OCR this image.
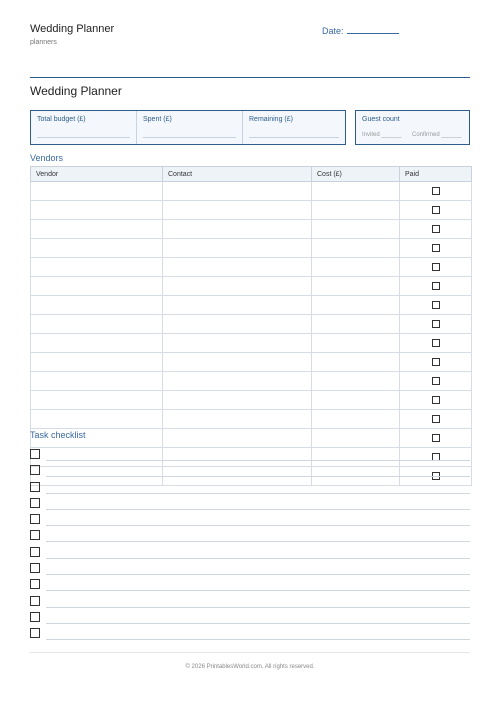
Wedding Planner
planners
Date:
Wedding Planner
Total budget (£)	Spent (£)	Remaining (£)	Guest count
Invited ______ Confirmed ______
Vendors
Vendor	Contact	Cost (£)	Paid

Task checklist
© 2026 PrintablesWorld.com. All rights reserved.
